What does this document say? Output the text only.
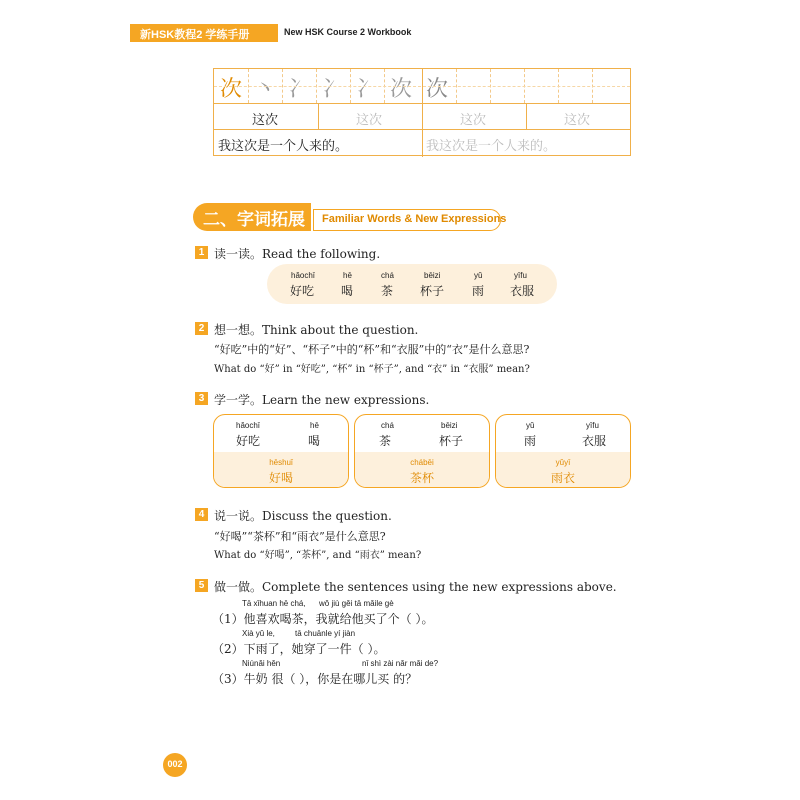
新HSK教程2 学练手册	New HSK Course 2 Workbook
次 丶 冫 冫 冫 次 次
这次	这次	这次	这次
我这次是一个人来的。	我这次是一个人来的。
二、字词拓展 Familiar Words & New Expressions
1 读一读。Read the following.
hǎochī
好吃
hē
喝
chá
茶
bēizi
杯子
yǔ
雨
yīfu
衣服
2 想一想。Think about the question.
“好吃”中的“好”、“杯子”中的“杯”和“衣服”中的“衣”是什么意思?
What do “好” in “好吃”, “杯” in “杯子”, and “衣” in “衣服” mean?
3 学一学。Learn the new expressions.
hǎochī
好吃
hē
喝
hēshuǐ
好喝
chá
茶
bēizi
杯子
chábēi
茶杯
yǔ
雨
yīfu
衣服
yǔyī
雨衣
4 说一说。Discuss the question.
“好喝”“茶杯”和“雨衣”是什么意思?
What do “好喝”, “茶杯”, and “雨衣” mean?
5 做一做。Complete the sentences using the new expressions above.
Tā xǐhuan hē chá, wǒ jiù gěi tā mǎile gè
（1）他喜欢喝茶，我就给他买了个（ ）。
Xià yǔ le,	tā chuānle yí jiàn
（2）下雨了，她穿了一件（ ）。
Niúnǎi hěn	nǐ shì zài nǎr mǎi de?
（3）牛奶 很（ ），你是在哪儿买 的？
002
